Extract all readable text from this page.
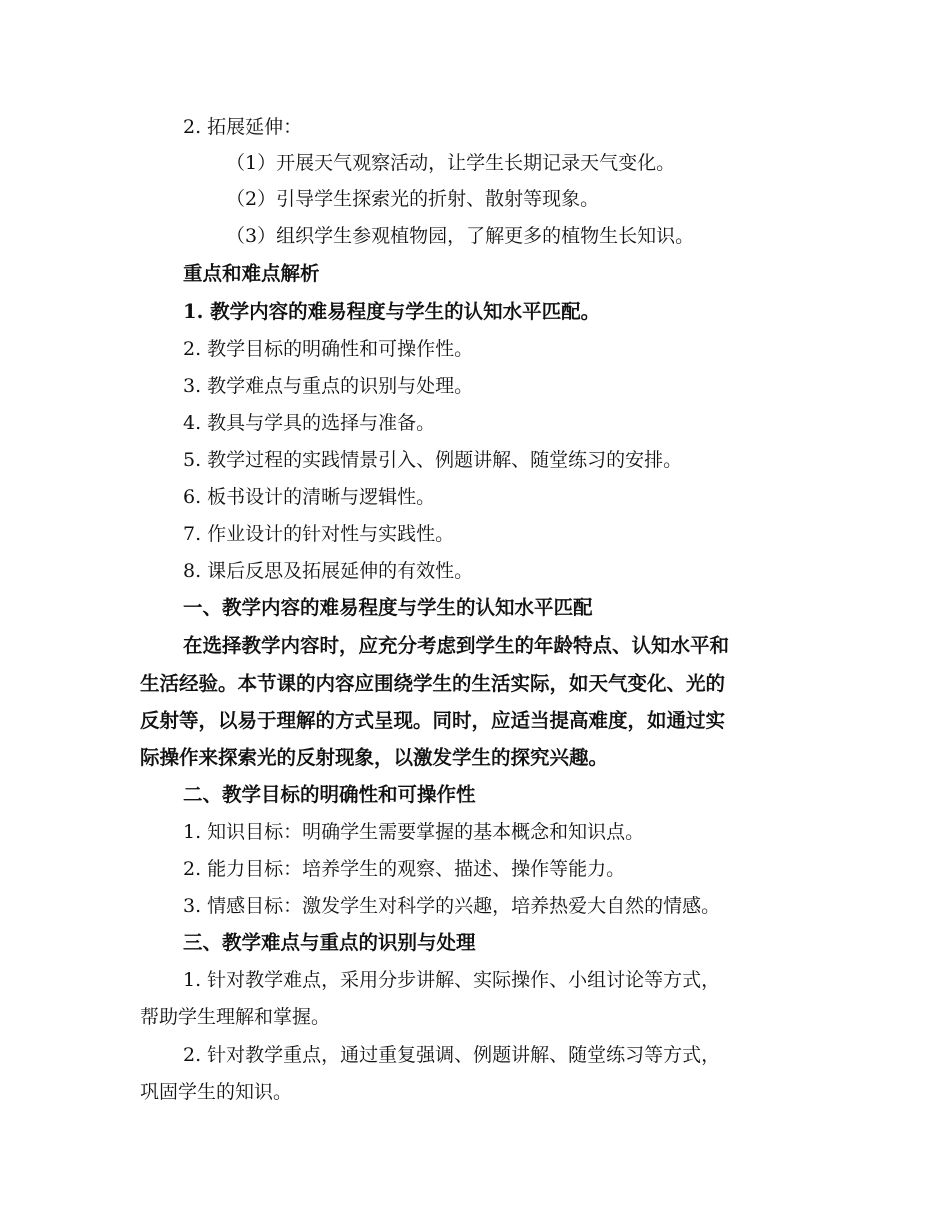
2. 拓展延伸：
（1）开展天气观察活动，让学生长期记录天气变化。
（2）引导学生探索光的折射、散射等现象。
（3）组织学生参观植物园，了解更多的植物生长知识。
重点和难点解析
1. 教学内容的难易程度与学生的认知水平匹配。
2. 教学目标的明确性和可操作性。
3. 教学难点与重点的识别与处理。
4. 教具与学具的选择与准备。
5. 教学过程的实践情景引入、例题讲解、随堂练习的安排。
6. 板书设计的清晰与逻辑性。
7. 作业设计的针对性与实践性。
8. 课后反思及拓展延伸的有效性。
一、教学内容的难易程度与学生的认知水平匹配
在选择教学内容时，应充分考虑到学生的年龄特点、认知水平和
生活经验。本节课的内容应围绕学生的生活实际，如天气变化、光的
反射等，以易于理解的方式呈现。同时，应适当提高难度，如通过实
际操作来探索光的反射现象，以激发学生的探究兴趣。
二、教学目标的明确性和可操作性
1. 知识目标：明确学生需要掌握的基本概念和知识点。
2. 能力目标：培养学生的观察、描述、操作等能力。
3. 情感目标：激发学生对科学的兴趣，培养热爱大自然的情感。
三、教学难点与重点的识别与处理
1. 针对教学难点，采用分步讲解、实际操作、小组讨论等方式，
帮助学生理解和掌握。
2. 针对教学重点，通过重复强调、例题讲解、随堂练习等方式，
巩固学生的知识。
